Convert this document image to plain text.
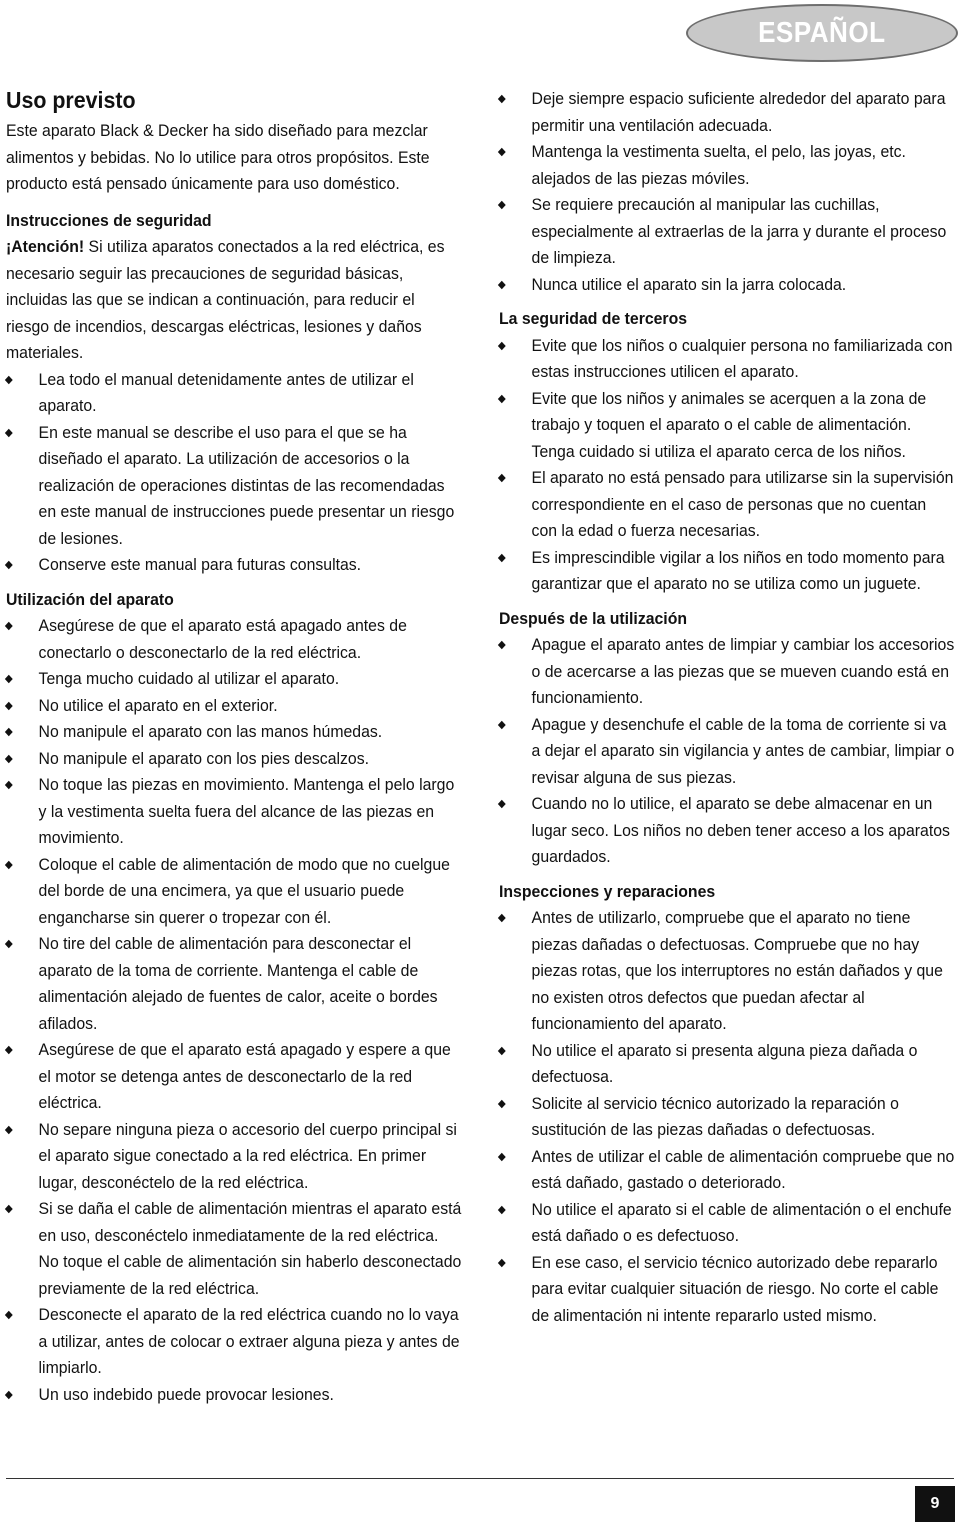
ESPAÑOL
Uso previsto

Este aparato Black & Decker ha sido diseñado para mezclar alimentos y bebidas. No lo utilice para otros propósitos. Este producto está pensado únicamente para uso doméstico.

Instrucciones de seguridad

¡Atención! Si utiliza aparatos conectados a la red eléctrica, es necesario seguir las precauciones de seguridad básicas, incluidas las que se indican a continuación, para reducir el riesgo de incendios, descargas eléctricas, lesiones y daños materiales.

Lea todo el manual detenidamente antes de utilizar el aparato.
En este manual se describe el uso para el que se ha diseñado el aparato. La utilización de accesorios o la realización de operaciones distintas de las recomendadas en este manual de instrucciones puede presentar un riesgo de lesiones.
Conserve este manual para futuras consultas.
Utilización del aparato
Asegúrese de que el aparato está apagado antes de conectarlo o desconectarlo de la red eléctrica.
Tenga mucho cuidado al utilizar el aparato.
No utilice el aparato en el exterior.
No manipule el aparato con las manos húmedas.
No manipule el aparato con los pies descalzos.
No toque las piezas en movimiento. Mantenga el pelo largo y la vestimenta suelta fuera del alcance de las piezas en movimiento.
Coloque el cable de alimentación de modo que no cuelgue del borde de una encimera, ya que el usuario puede engancharse sin querer o tropezar con él.
No tire del cable de alimentación para desconectar el aparato de la toma de corriente. Mantenga el cable de alimentación alejado de fuentes de calor, aceite o bordes afilados.
Asegúrese de que el aparato está apagado y espere a que el motor se detenga antes de desconectarlo de la red eléctrica.
No separe ninguna pieza o accesorio del cuerpo principal si el aparato sigue conectado a la red eléctrica. En primer lugar, desconéctelo de la red eléctrica.
Si se daña el cable de alimentación mientras el aparato está en uso, desconéctelo inmediatamente de la red eléctrica. No toque el cable de alimentación sin haberlo desconectado previamente de la red eléctrica.
Desconecte el aparato de la red eléctrica cuando no lo vaya a utilizar, antes de colocar o extraer alguna pieza y antes de limpiarlo.
Un uso indebido puede provocar lesiones.
Deje siempre espacio suficiente alrededor del aparato para permitir una ventilación adecuada.
Mantenga la vestimenta suelta, el pelo, las joyas, etc. alejados de las piezas móviles.
Se requiere precaución al manipular las cuchillas, especialmente al extraerlas de la jarra y durante el proceso de limpieza.
Nunca utilice el aparato sin la jarra colocada.
La seguridad de terceros
Evite que los niños o cualquier persona no familiarizada con estas instrucciones utilicen el aparato.
Evite que los niños y animales se acerquen a la zona de trabajo y toquen el aparato o el cable de alimentación. Tenga cuidado si utiliza el aparato cerca de los niños.
El aparato no está pensado para utilizarse sin la supervisión correspondiente en el caso de personas que no cuentan con la edad o fuerza necesarias.
Es imprescindible vigilar a los niños en todo momento para garantizar que el aparato no se utiliza como un juguete.
Después de la utilización
Apague el aparato antes de limpiar y cambiar los accesorios o de acercarse a las piezas que se mueven cuando está en funcionamiento.
Apague y desenchufe el cable de la toma de corriente si va a dejar el aparato sin vigilancia y antes de cambiar, limpiar o revisar alguna de sus piezas.
Cuando no lo utilice, el aparato se debe almacenar en un lugar seco. Los niños no deben tener acceso a los aparatos guardados.
Inspecciones y reparaciones
Antes de utilizarlo, compruebe que el aparato no tiene piezas dañadas o defectuosas. Compruebe que no hay piezas rotas, que los interruptores no están dañados y que no existen otros defectos que puedan afectar al funcionamiento del aparato.
No utilice el aparato si presenta alguna pieza dañada o defectuosa.
Solicite al servicio técnico autorizado la reparación o sustitución de las piezas dañadas o defectuosas.
Antes de utilizar el cable de alimentación compruebe que no está dañado, gastado o deteriorado.
No utilice el aparato si el cable de alimentación o el enchufe está dañado o es defectuoso.
En ese caso, el servicio técnico autorizado debe repararlo para evitar cualquier situación de riesgo. No corte el cable de alimentación ni intente repararlo usted mismo.
9
